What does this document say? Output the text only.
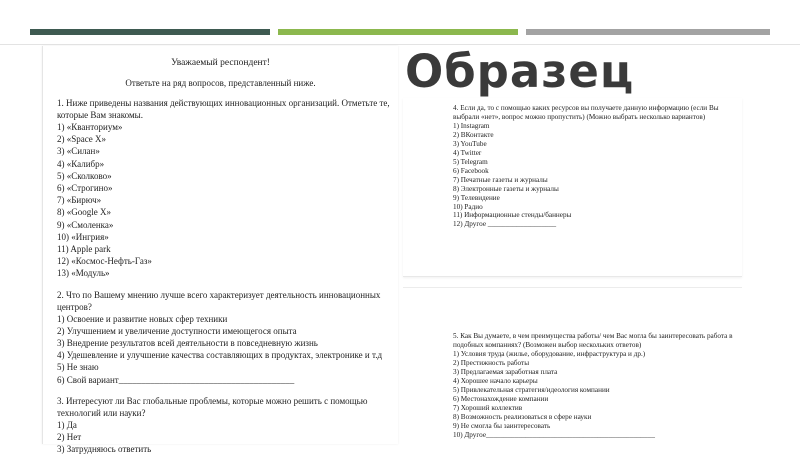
Уважаемый респондент!
Ответьте на ряд вопросов, представленный ниже.
1. Ниже приведены названия действующих инновационных организаций. Отметьте те, которые Вам знакомы.
1) «Кванториум»
2) «Space X»
3) «Силан»
4) «Калибр»
5) «Сколково»
6) «Строгино»
7) «Бирюч»
8) «Google X»
9) «Смоленка»
10) «Ингрия»
11) Apple park
12) «Космос-Нефть-Газ»
13) «Модуль»
2. Что по Вашему мнению лучше всего характеризует деятельность инновационных центров?
1) Освоение и развитие новых сфер техники
2) Улучшением и увеличение доступности имеющегося опыта
3) Внедрение результатов всей деятельности в повседневную жизнь
4) Удешевление и улучшение качества составляющих в продуктах, электронике и т.д
5) Не знаю
6) Свой вариант_______________________________________
3. Интересуют ли Вас глобальные проблемы, которые можно решить с помощью технологий или науки?
1) Да
2) Нет
3) Затрудняюсь ответить
Образец
4. Если да, то с помощью каких ресурсов вы получаете данную информацию (если Вы выбрали «нет», вопрос можно пропустить) (Можно выбрать несколько вариантов)
1) Instagram
2) ВКонтакте
3) YouTube
4) Twitter
5) Telegram
6) Facebook
7) Печатные газеты и журналы
8) Электронные газеты и журналы
9) Телевидение
10) Радио
11) Информационные стенды/баннеры
12) Другое ___________________
5. Как Вы думаете, в чем преимущества работы/ чем Вас могла бы заинтересовать работа в подобных компаниях? (Возможен выбор нескольких ответов)
1) Условия труда (жилье, оборудование, инфраструктура и др.)
2) Престижность работы
3) Предлагаемая заработная плата
4) Хорошее начало карьеры
5) Привлекательная стратегия/идеология компании
6) Местонахождение компании
7) Хороший коллектив
8) Возможность реализоваться в сфере науки
9) Не смогла бы заинтересовать
10) Другое_______________________________________________
